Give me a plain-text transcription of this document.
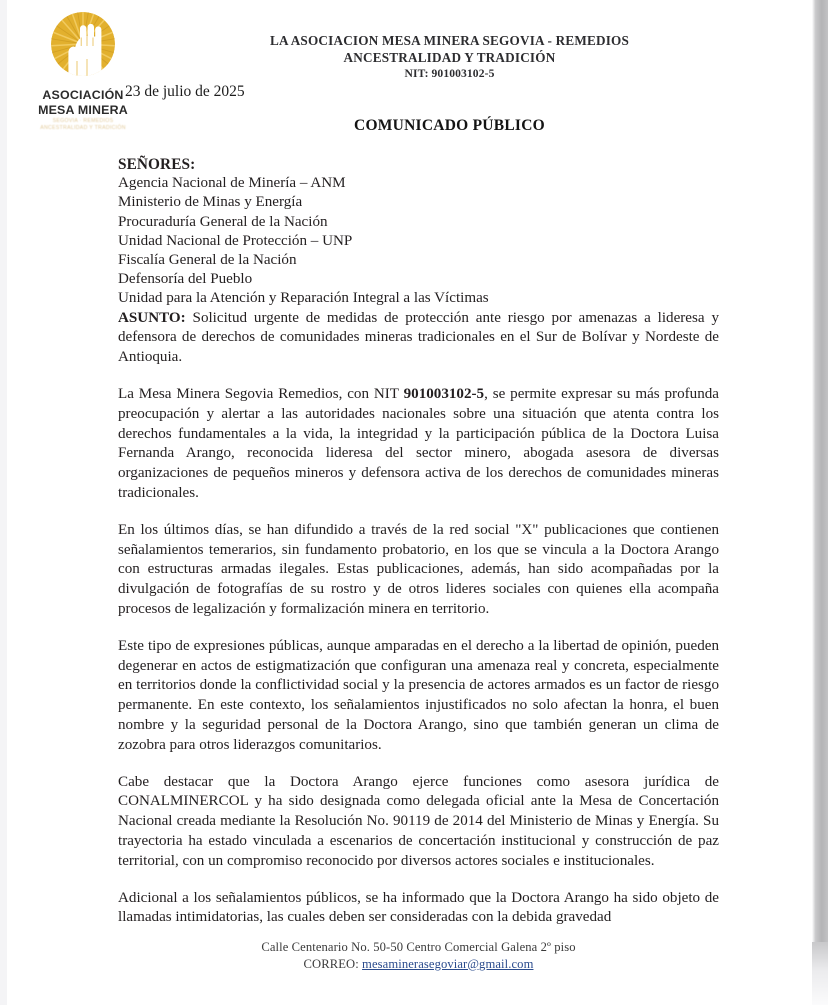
ASOCIACIÓN
MESA MINERA
SEGOVIA · REMEDIOS
ANCESTRALIDAD Y TRADICIÓN
LA ASOCIACION MESA MINERA SEGOVIA - REMEDIOS
ANCESTRALIDAD Y TRADICIÓN
NIT: 901003102-5
23 de julio de 2025
COMUNICADO PÚBLICO
SEÑORES:
Agencia Nacional de Minería – ANM
Ministerio de Minas y Energía
Procuraduría General de la Nación
Unidad Nacional de Protección – UNP
Fiscalía General de la Nación
Defensoría del Pueblo
Unidad para la Atención y Reparación Integral a las Víctimas

ASUNTO: Solicitud urgente de medidas de protección ante riesgo por amenazas a lideresa y defensora de derechos de comunidades mineras tradicionales en el Sur de Bolívar y Nordeste de Antioquia.

La Mesa Minera Segovia Remedios, con NIT 901003102-5, se permite expresar su más profunda preocupación y alertar a las autoridades nacionales sobre una situación que atenta contra los derechos fundamentales a la vida, la integridad y la participación pública de la Doctora Luisa Fernanda Arango, reconocida lideresa del sector minero, abogada asesora de diversas organizaciones de pequeños mineros y defensora activa de los derechos de comunidades mineras tradicionales.

En los últimos días, se han difundido a través de la red social "X" publicaciones que contienen señalamientos temerarios, sin fundamento probatorio, en los que se vincula a la Doctora Arango con estructuras armadas ilegales. Estas publicaciones, además, han sido acompañadas por la divulgación de fotografías de su rostro y de otros lideres sociales con quienes ella acompaña procesos de legalización y formalización minera en territorio.

Este tipo de expresiones públicas, aunque amparadas en el derecho a la libertad de opinión, pueden degenerar en actos de estigmatización que configuran una amenaza real y concreta, especialmente en territorios donde la conflictividad social y la presencia de actores armados es un factor de riesgo permanente. En este contexto, los señalamientos injustificados no solo afectan la honra, el buen nombre y la seguridad personal de la Doctora Arango, sino que también generan un clima de zozobra para otros liderazgos comunitarios.

Cabe destacar que la Doctora Arango ejerce funciones como asesora jurídica de CONALMINERCOL y ha sido designada como delegada oficial ante la Mesa de Concertación Nacional creada mediante la Resolución No. 90119 de 2014 del Ministerio de Minas y Energía. Su trayectoria ha estado vinculada a escenarios de concertación institucional y construcción de paz territorial, con un compromiso reconocido por diversos actores sociales e institucionales.

Adicional a los señalamientos públicos, se ha informado que la Doctora Arango ha sido objeto de llamadas intimidatorias, las cuales deben ser consideradas con la debida gravedad

Calle Centenario No. 50-50 Centro Comercial Galena 2º piso
CORREO: mesaminerasegoviar@gmail.com
